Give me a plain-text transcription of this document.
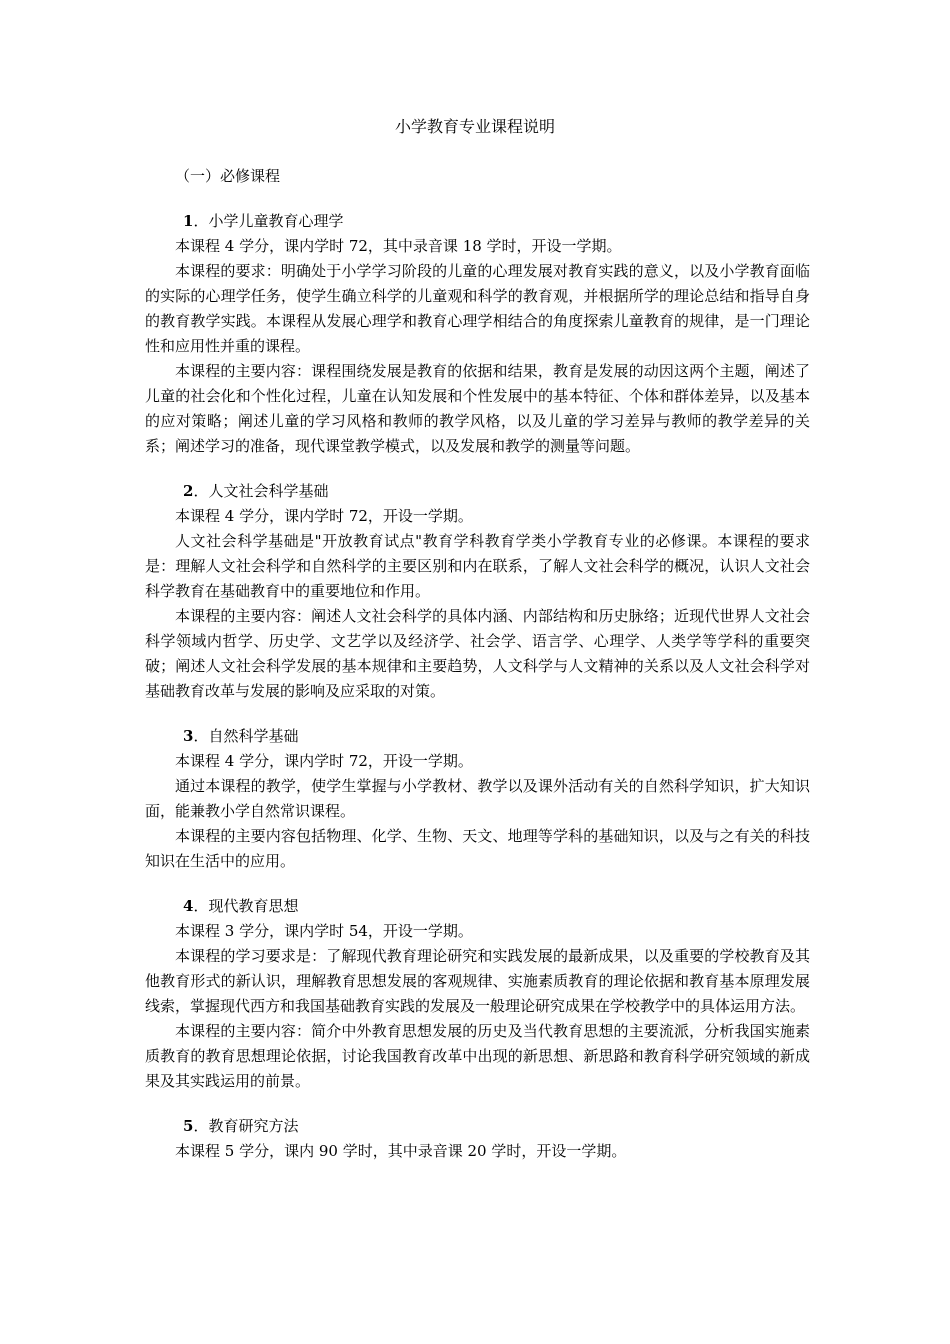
小学教育专业课程说明
（一）必修课程
1．小学儿童教育心理学

本课程 4 学分，课内学时 72，其中录音课 18 学时，开设一学期。

本课程的要求：明确处于小学学习阶段的儿童的心理发展对教育实践的意义，以及小学教育面临的实际的心理学任务，使学生确立科学的儿童观和科学的教育观，并根据所学的理论总结和指导自身的教育教学实践。本课程从发展心理学和教育心理学相结合的角度探索儿童教育的规律，是一门理论性和应用性并重的课程。

本课程的主要内容：课程围绕发展是教育的依据和结果，教育是发展的动因这两个主题，阐述了儿童的社会化和个性化过程，儿童在认知发展和个性发展中的基本特征、个体和群体差异，以及基本的应对策略；阐述儿童的学习风格和教师的教学风格，以及儿童的学习差异与教师的教学差异的关系；阐述学习的准备，现代课堂教学模式，以及发展和教学的测量等问题。

2．人文社会科学基础

本课程 4 学分，课内学时 72，开设一学期。

人文社会科学基础是"开放教育试点"教育学科教育学类小学教育专业的必修课。本课程的要求是：理解人文社会科学和自然科学的主要区别和内在联系，了解人文社会科学的概况，认识人文社会科学教育在基础教育中的重要地位和作用。

本课程的主要内容：阐述人文社会科学的具体内涵、内部结构和历史脉络；近现代世界人文社会科学领域内哲学、历史学、文艺学以及经济学、社会学、语言学、心理学、人类学等学科的重要突破；阐述人文社会科学发展的基本规律和主要趋势，人文科学与人文精神的关系以及人文社会科学对基础教育改革与发展的影响及应采取的对策。

3．自然科学基础

本课程 4 学分，课内学时 72，开设一学期。

通过本课程的教学，使学生掌握与小学教材、教学以及课外活动有关的自然科学知识，扩大知识面，能兼教小学自然常识课程。

本课程的主要内容包括物理、化学、生物、天文、地理等学科的基础知识，以及与之有关的科技知识在生活中的应用。

4．现代教育思想

本课程 3 学分，课内学时 54，开设一学期。

本课程的学习要求是：了解现代教育理论研究和实践发展的最新成果，以及重要的学校教育及其他教育形式的新认识，理解教育思想发展的客观规律、实施素质教育的理论依据和教育基本原理发展线索，掌握现代西方和我国基础教育实践的发展及一般理论研究成果在学校教学中的具体运用方法。

本课程的主要内容：简介中外教育思想发展的历史及当代教育思想的主要流派，分析我国实施素质教育的教育思想理论依据，讨论我国教育改革中出现的新思想、新思路和教育科学研究领域的新成果及其实践运用的前景。

5．教育研究方法

本课程 5 学分，课内 90 学时，其中录音课 20 学时，开设一学期。
